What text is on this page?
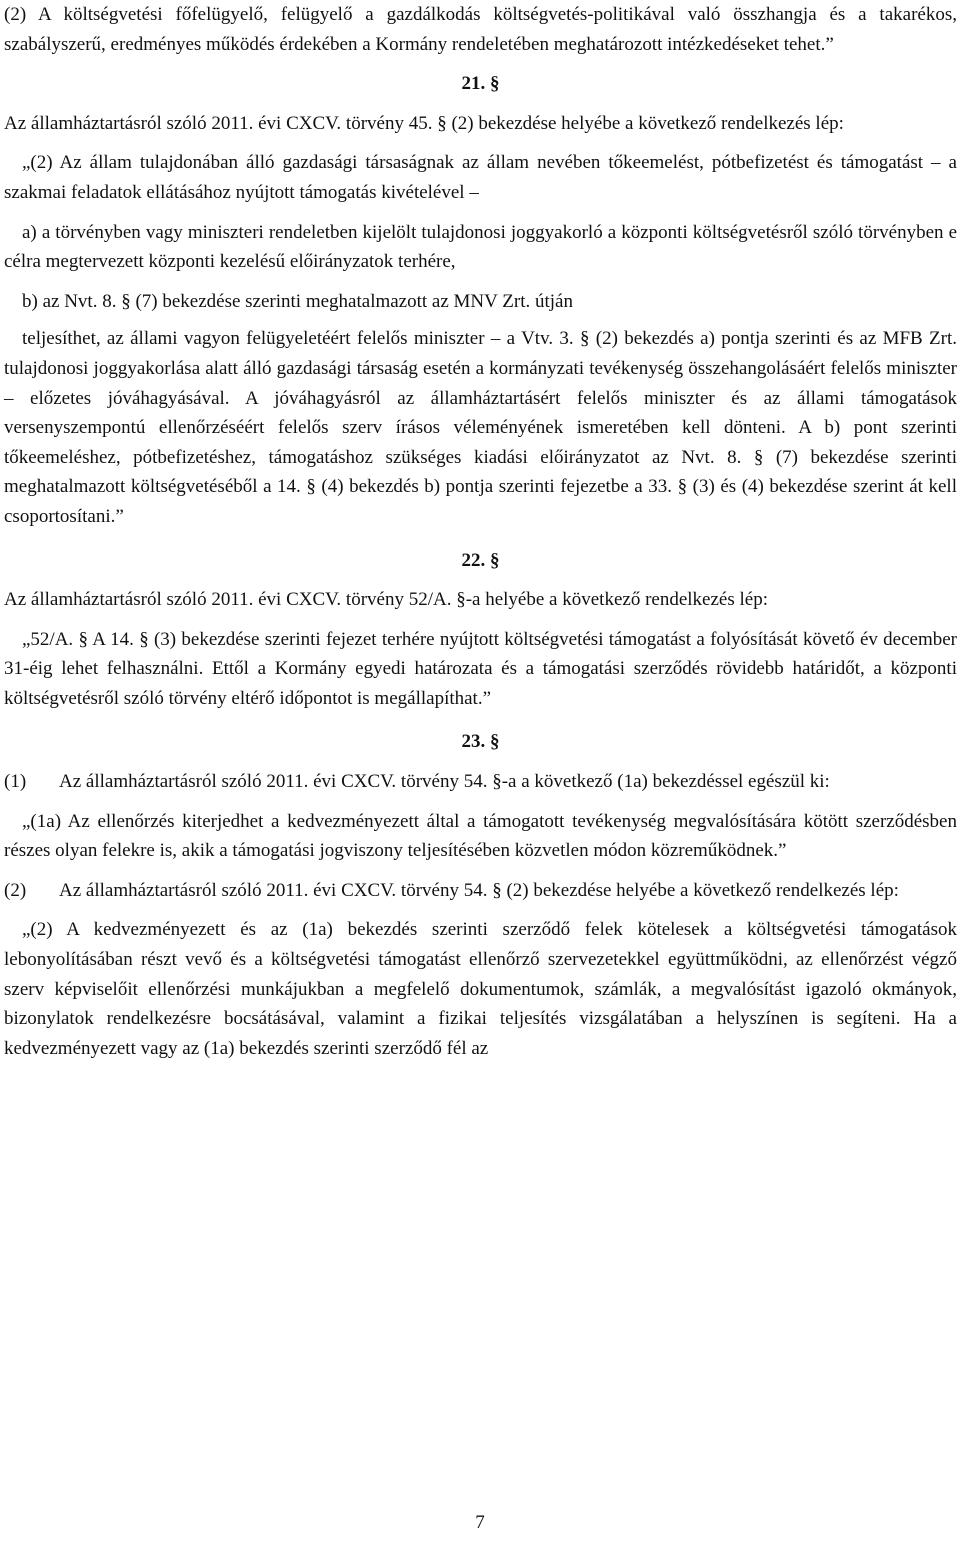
(2) A költségvetési főfelügyelő, felügyelő a gazdálkodás költségvetés-politikával való összhangja és a takarékos, szabályszerű, eredményes működés érdekében a Kormány rendeletében meghatározott intézkedéseket tehet.”

21. §

Az államháztartásról szóló 2011. évi CXCV. törvény 45. § (2) bekezdése helyébe a következő rendelkezés lép:

„(2) Az állam tulajdonában álló gazdasági társaságnak az állam nevében tőkeemelést, pótbefizetést és támogatást – a szakmai feladatok ellátásához nyújtott támogatás kivételével –

a) a törvényben vagy miniszteri rendeletben kijelölt tulajdonosi joggyakorló a központi költségvetésről szóló törvényben e célra megtervezett központi kezelésű előirányzatok terhére,

b) az Nvt. 8. § (7) bekezdése szerinti meghatalmazott az MNV Zrt. útján

teljesíthet, az állami vagyon felügyeletéért felelős miniszter – a Vtv. 3. § (2) bekezdés a) pontja szerinti és az MFB Zrt. tulajdonosi joggyakorlása alatt álló gazdasági társaság esetén a kormányzati tevékenység összehangolásáért felelős miniszter – előzetes jóváhagyásával. A jóváhagyásról az államháztartásért felelős miniszter és az állami támogatások versenyszempontú ellenőrzéséért felelős szerv írásos véleményének ismeretében kell dönteni. A b) pont szerinti tőkeemeléshez, pótbefizetéshez, támogatáshoz szükséges kiadási előirányzatot az Nvt. 8. § (7) bekezdése szerinti meghatalmazott költségvetéséből a 14. § (4) bekezdés b) pontja szerinti fejezetbe a 33. § (3) és (4) bekezdése szerint át kell csoportosítani.”

22. §

Az államháztartásról szóló 2011. évi CXCV. törvény 52/A. §-a helyébe a következő rendelkezés lép:

„52/A. § A 14. § (3) bekezdése szerinti fejezet terhére nyújtott költségvetési támogatást a folyósítását követő év december 31-éig lehet felhasználni. Ettől a Kormány egyedi határozata és a támogatási szerződés rövidebb határidőt, a központi költségvetésről szóló törvény eltérő időpontot is megállapíthat.”

23. §
(1)	Az államháztartásról szóló 2011. évi CXCV. törvény 54. §-a a következő (1a) bekezdéssel egészül ki:

„(1a) Az ellenőrzés kiterjedhet a kedvezményezett által a támogatott tevékenység megvalósítására kötött szerződésben részes olyan felekre is, akik a támogatási jogviszony teljesítésében közvetlen módon közreműködnek.”

(2)	Az államháztartásról szóló 2011. évi CXCV. törvény 54. § (2) bekezdése helyébe a következő rendelkezés lép:

„(2) A kedvezményezett és az (1a) bekezdés szerinti szerződő felek kötelesek a költségvetési támogatások lebonyolításában részt vevő és a költségvetési támogatást ellenőrző szervezetekkel együttműködni, az ellenőrzést végző szerv képviselőit ellenőrzési munkájukban a megfelelő dokumentumok, számlák, a megvalósítást igazoló okmányok, bizonylatok rendelkezésre bocsátásával, valamint a fizikai teljesítés vizsgálatában a helyszínen is segíteni. Ha a kedvezményezett vagy az (1a) bekezdés szerinti szerződő fél az

7
